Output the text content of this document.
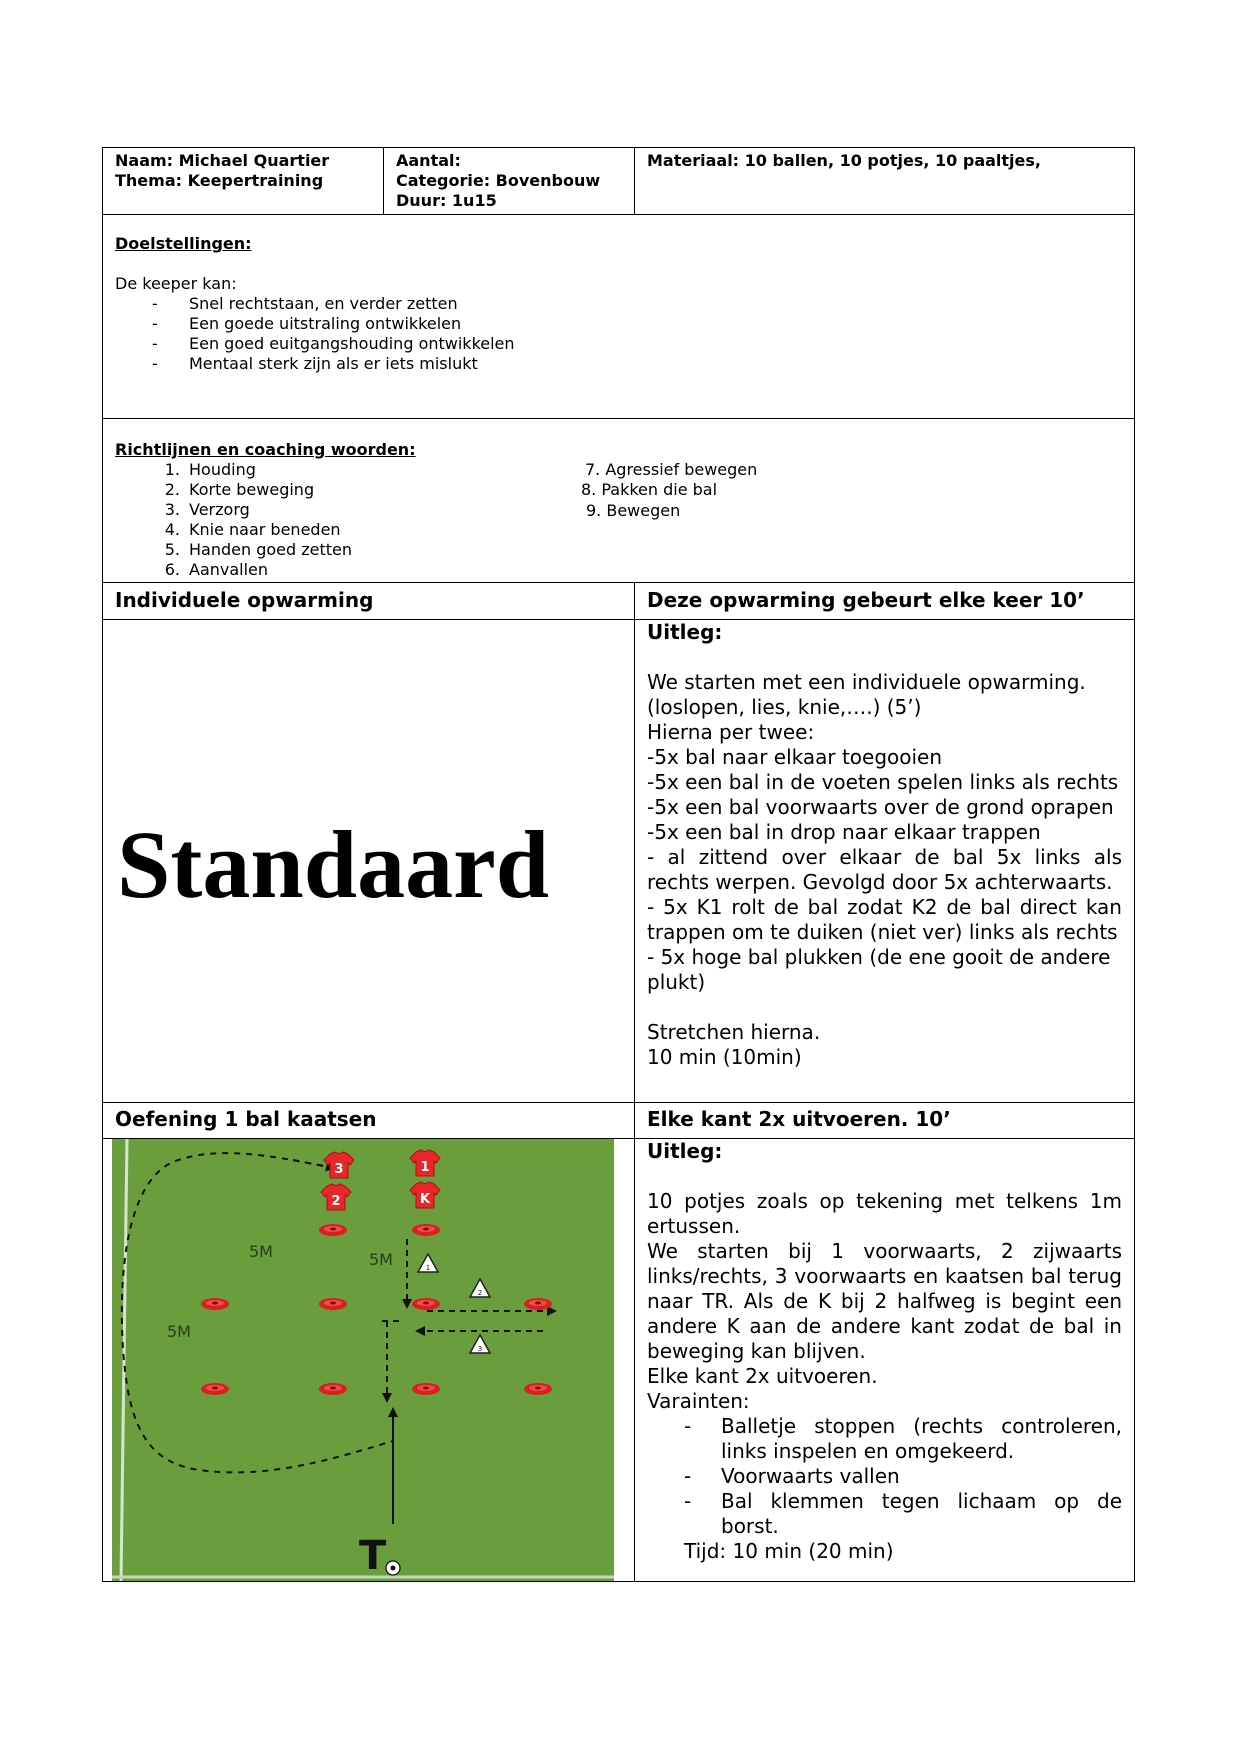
Naam: Michael Quartier
Thema: Keepertraining
Aantal:
Categorie: Bovenbouw
Duur: 1u15
Materiaal: 10 ballen, 10 potjes, 10 paaltjes,
Doelstellingen:
De keeper kan:
- Snel rechtstaan, en verder zetten
- Een goede uitstraling ontwikkelen
- Een goed euitgangshouding ontwikkelen
- Mentaal sterk zijn als er iets mislukt
Richtlijnen en coaching woorden:
1. Houding
2. Korte beweging
3. Verzorg
4. Knie naar beneden
5. Handen goed zetten
6. Aanvallen
7. Agressief bewegen
8. Pakken die bal
9. Bewegen
Individuele opwarming	Deze opwarming gebeurt elke keer 10’
Standaard
Uitleg:
We starten met een individuele opwarming.
(loslopen, lies, knie,….) (5’)
Hierna per twee:
-5x bal naar elkaar toegooien
-5x een bal in de voeten spelen links als rechts
-5x een bal voorwaarts over de grond oprapen
-5x een bal in drop naar elkaar trappen
- al zittend over elkaar de bal 5x links als rechts werpen. Gevolgd door 5x achterwaarts.
- 5x K1 rolt de bal zodat K2 de bal direct kan trappen om te duiken (niet ver) links als rechts
- 5x hoge bal plukken (de ene gooit de andere plukt)
Stretchen hierna.
10 min (10min)
Oefening 1 bal kaatsen	Elke kant 2x uitvoeren. 10’
3
2
1
K
1
2
3
5M	5M
5M
T
Uitleg:
10 potjes zoals op tekening met telkens 1m ertussen.
We starten bij 1 voorwaarts, 2 zijwaarts links/rechts, 3 voorwaarts en kaatsen bal terug naar TR. Als de K bij 2 halfweg is begint een andere K aan de andere kant zodat de bal in beweging kan blijven.
Elke kant 2x uitvoeren.
Varainten:
- Balletje stoppen (rechts controleren, links inspelen en omgekeerd.
- Voorwaarts vallen
- Bal klemmen tegen lichaam op de borst.
Tijd: 10 min (20 min)
